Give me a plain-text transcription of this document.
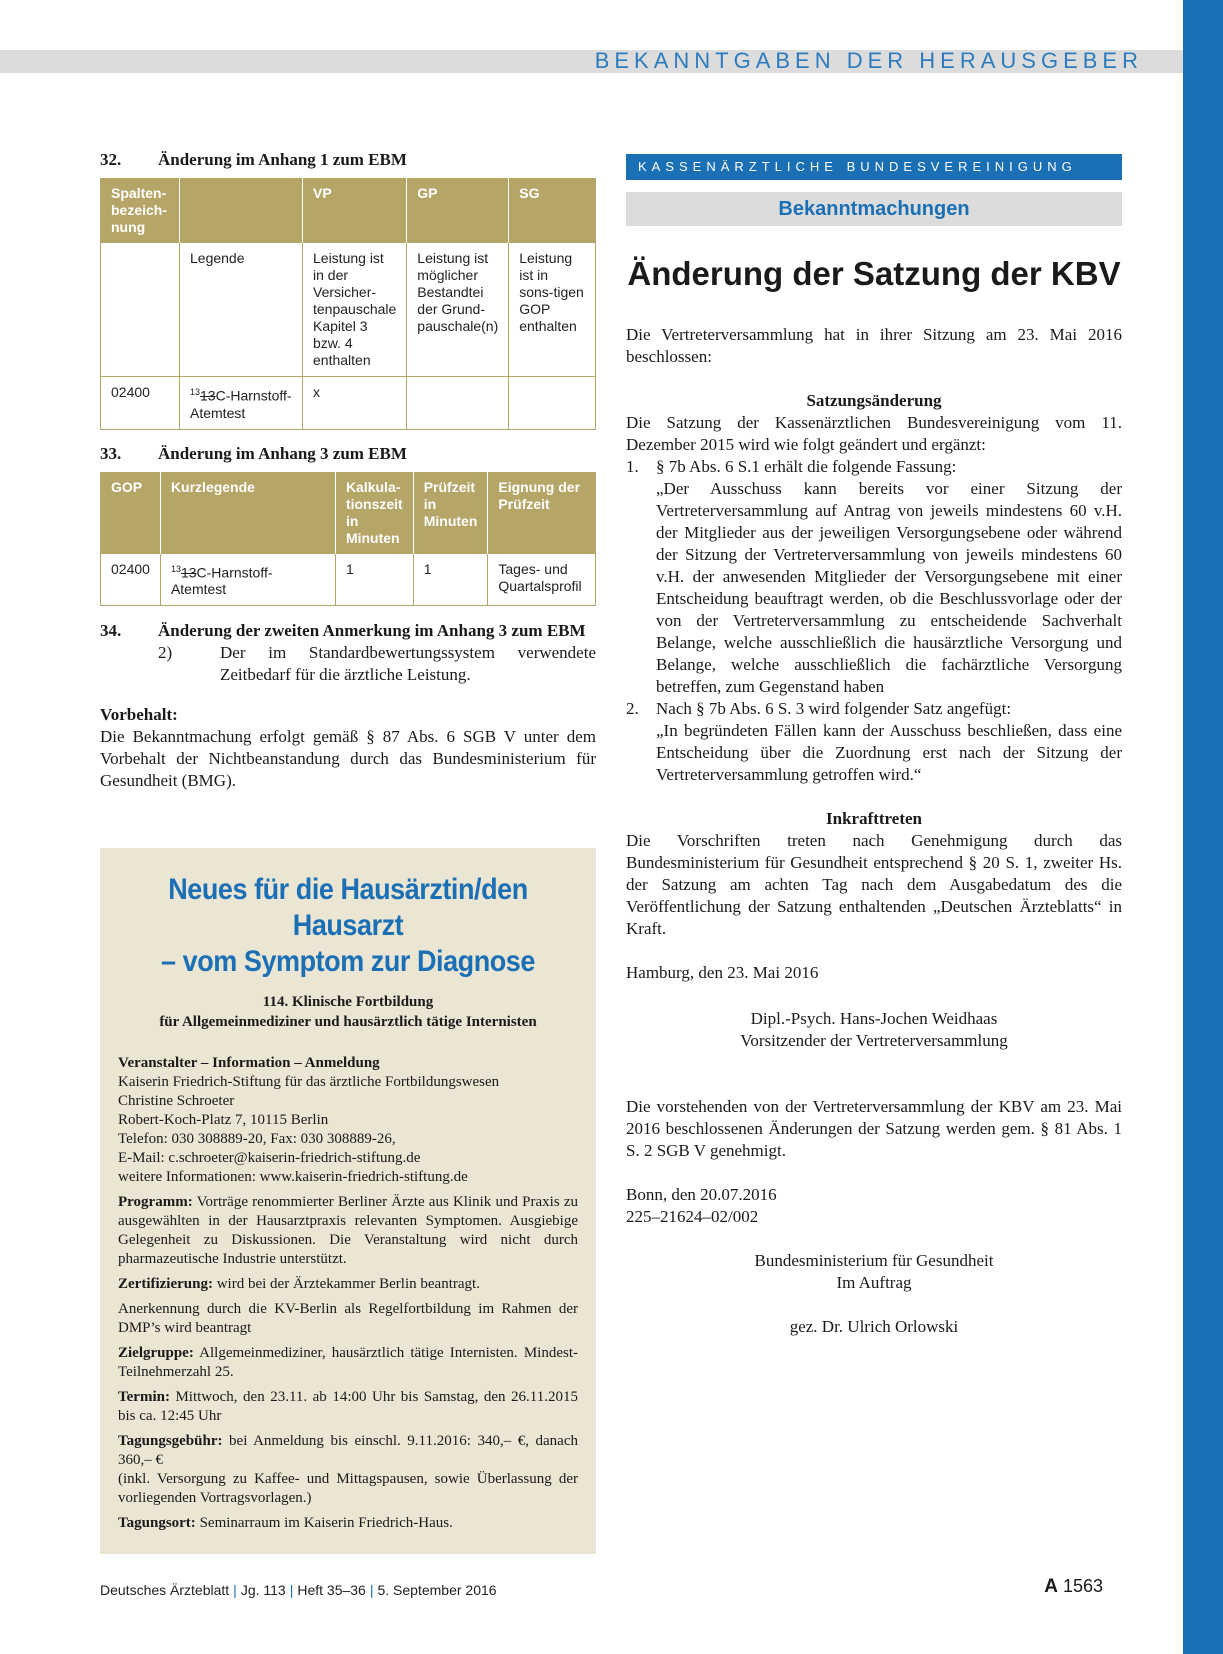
BEKANNTGABEN DER HERAUSGEBER
32.	Änderung im Anhang 1 zum EBM
Spalten-bezeich-nung		VP	GP	SG
	Legende	Leistung ist in der Versicher-tenpauschale Kapitel 3 bzw. 4 enthalten	Leistung ist möglicher Bestandtei der Grund-pauschale(n)	Leistung ist in sons-tigen GOP enthalten
02400	$^{13}$13C-Harnstoff-Atemtest	x		
33.	Änderung im Anhang 3 zum EBM
GOP	Kurzlegende	Kalkula-tionszeit in Minuten	Prüfzeit in Minuten	Eignung der Prüfzeit
02400	$^{13}$13C-Harnstoff-Atemtest	1	1	Tages- und Quartalsprofil
34.	Änderung der zweiten Anmerkung im Anhang 3 zum EBM
2)	Der im Standardbewertungssystem verwendete Zeitbedarf für die ärztliche Leistung.
Vorbehalt:

Die Bekanntmachung erfolgt gemäß § 87 Abs. 6 SGB V unter dem Vorbehalt der Nichtbeanstandung durch das Bundesministerium für Gesundheit (BMG).

Neues für die Hausärztin/den Hausarzt
– vom Symptom zur Diagnose
114. Klinische Fortbildung
für Allgemeinmediziner und hausärztlich tätige Internisten

Veranstalter – Information – Anmeldung

Kaiserin Friedrich-Stiftung für das ärztliche Fortbildungswesen
Christine Schroeter
Robert-Koch-Platz 7, 10115 Berlin
Telefon: 030 308889-20, Fax: 030 308889-26,
E-Mail: c.schroeter@kaiserin-friedrich-stiftung.de
weitere Informationen: www.kaiserin-friedrich-stiftung.de

Programm: Vorträge renommierter Berliner Ärzte aus Klinik und Praxis zu ausgewählten in der Hausarztpraxis relevanten Symptomen. Ausgiebige Gelegenheit zu Diskussionen. Die Veranstaltung wird nicht durch pharmazeutische Industrie unterstützt.

Zertifizierung: wird bei der Ärztekammer Berlin beantragt.

Anerkennung durch die KV-Berlin als Regelfortbildung im Rahmen der DMP’s wird beantragt

Zielgruppe: Allgemeinmediziner, hausärztlich tätige Internisten. Mindest-Teilnehmerzahl 25.

Termin: Mittwoch, den 23.11. ab 14:00 Uhr bis Samstag, den 26.11.2015 bis ca. 12:45 Uhr

Tagungsgebühr: bei Anmeldung bis einschl. 9.11.2016: 340,– €, danach 360,– €
(inkl. Versorgung zu Kaffee- und Mittagspausen, sowie Überlassung der vorliegenden Vortragsvorlagen.)

Tagungsort: Seminarraum im Kaiserin Friedrich-Haus.

KASSENÄRZTLICHE BUNDESVEREINIGUNG
Bekanntmachungen
Änderung der Satzung der KBV

Die Vertreterversammlung hat in ihrer Sitzung am 23. Mai 2016 beschlossen:

Satzungsänderung

Die Satzung der Kassenärztlichen Bundesvereinigung vom 11. Dezember 2015 wird wie folgt geändert und ergänzt:

1.	§ 7b Abs. 6 S.1 erhält die folgende Fassung:
„Der Ausschuss kann bereits vor einer Sitzung der Vertreterversammlung auf Antrag von jeweils mindestens 60 v.H. der Mitglieder aus der jeweiligen Versorgungsebene oder während der Sitzung der Vertreterversammlung von jeweils mindestens 60 v.H. der anwesenden Mitglieder der Versorgungsebene mit einer Entscheidung beauftragt werden, ob die Beschlussvorlage oder der von der Vertreterversammlung zu entscheidende Sachverhalt Belange, welche ausschließlich die hausärztliche Versorgung und Belange, welche ausschließlich die fachärztliche Versorgung betreffen, zum Gegenstand haben
2.	Nach § 7b Abs. 6 S. 3 wird folgender Satz angefügt:
„In begründeten Fällen kann der Ausschuss beschließen, dass eine Entscheidung über die Zuordnung erst nach der Sitzung der Vertreterversammlung getroffen wird.“
Inkrafttreten

Die Vorschriften treten nach Genehmigung durch das Bundesministerium für Gesundheit entsprechend § 20 S. 1, zweiter Hs. der Satzung am achten Tag nach dem Ausgabedatum des die Veröffentlichung der Satzung enthaltenden „Deutschen Ärzteblatts“ in Kraft.

Hamburg, den 23. Mai 2016

Dipl.-Psych. Hans-Jochen Weidhaas
Vorsitzender der Vertreterversammlung

Die vorstehenden von der Vertreterversammlung der KBV am 23. Mai 2016 beschlossenen Änderungen der Satzung werden gem. § 81 Abs. 1 S. 2 SGB V genehmigt.

Bonn, den 20.07.2016
225–21624–02/002
Bundesministerium für Gesundheit
Im Auftrag
gez. Dr. Ulrich Orlowski
Deutsches Ärzteblatt | Jg. 113 | Heft 35–36 | 5. September 2016	A 1563
